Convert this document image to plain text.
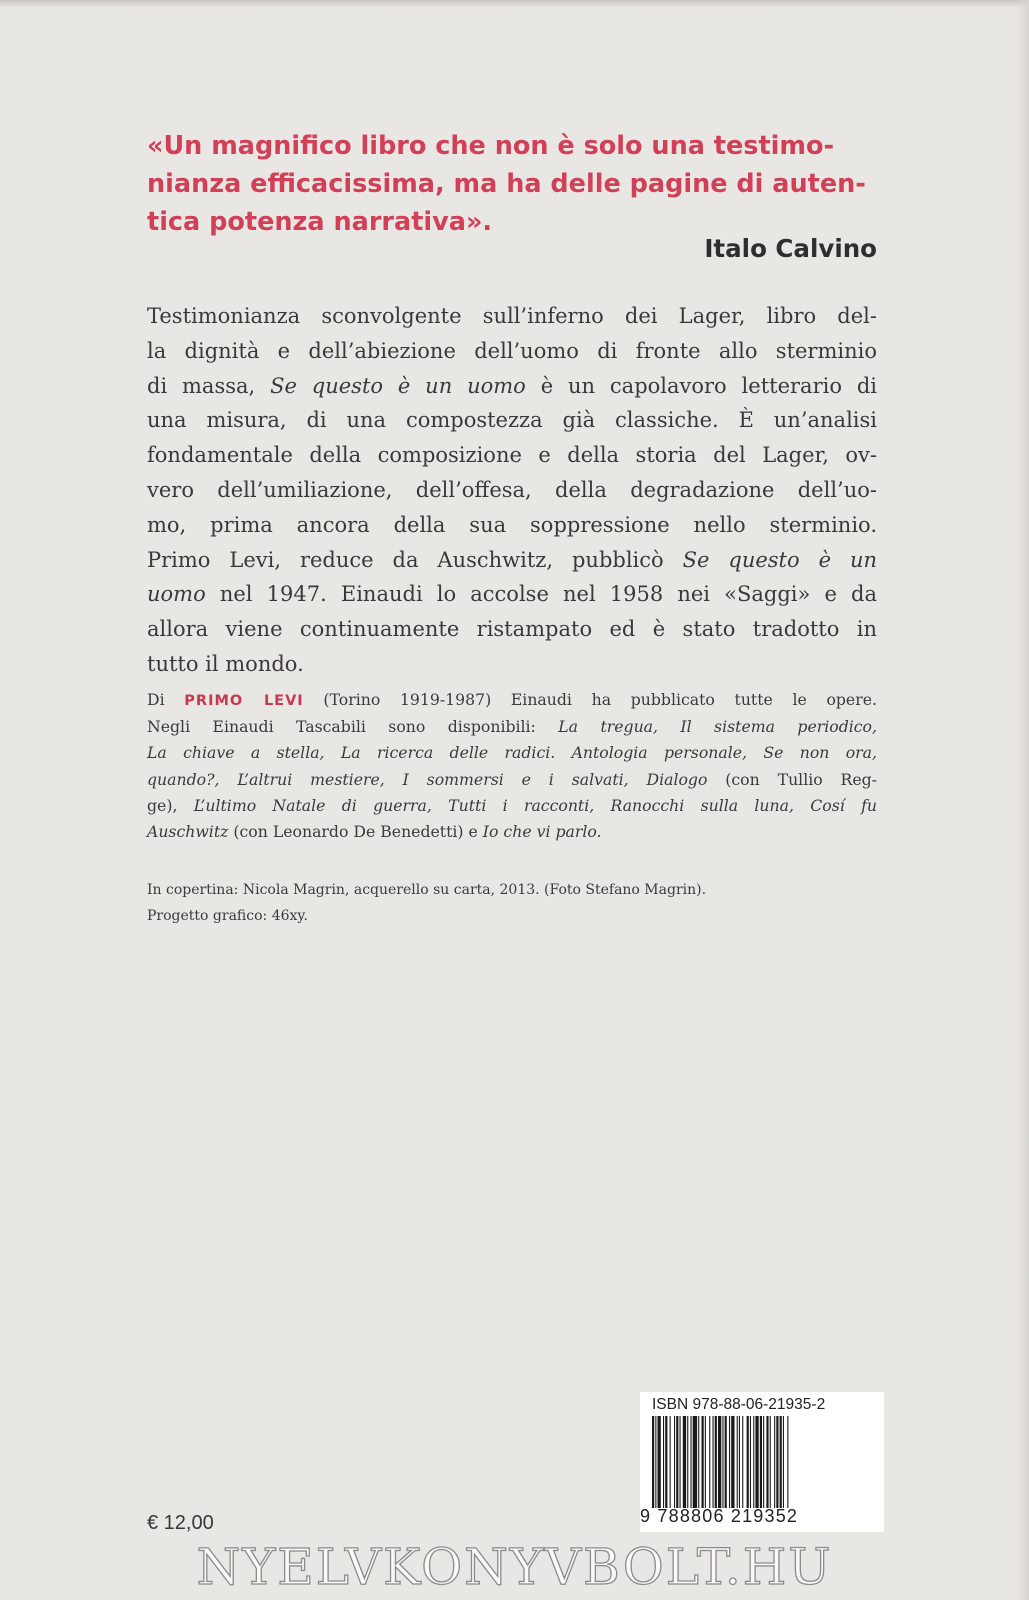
«Un magnifico libro che non è solo una testimo-
nianza efficacissima, ma ha delle pagine di auten-
tica potenza narrativa».
Italo Calvino
Testimonianza sconvolgente sull’inferno dei Lager, libro del-
la dignità e dell’abiezione dell’uomo di fronte allo sterminio
di massa, Se questo è un uomo è un capolavoro letterario di
una misura, di una compostezza già classiche. È un’analisi
fondamentale della composizione e della storia del Lager, ov-
vero dell’umiliazione, dell’offesa, della degradazione dell’uo-
mo, prima ancora della sua soppressione nello sterminio.
Primo Levi, reduce da Auschwitz, pubblicò Se questo è un
uomo nel 1947. Einaudi lo accolse nel 1958 nei «Saggi» e da
allora viene continuamente ristampato ed è stato tradotto in
tutto il mondo.
Di PRIMO LEVI (Torino 1919-1987) Einaudi ha pubblicato tutte le opere.
Negli Einaudi Tascabili sono disponibili: La tregua, Il sistema periodico,
La chiave a stella, La ricerca delle radici. Antologia personale, Se non ora,
quando?, L’altrui mestiere, I sommersi e i salvati, Dialogo (con Tullio Reg-
ge), L’ultimo Natale di guerra, Tutti i racconti, Ranocchi sulla luna, Cosí fu
Auschwitz (con Leonardo De Benedetti) e Io che vi parlo.
In copertina: Nicola Magrin, acquerello su carta, 2013. (Foto Stefano Magrin).
Progetto grafico: 46xy.
ISBN 978-88-06-21935-2
9 788806 219352
€ 12,00
NYELVKONYVBOLT.HU
